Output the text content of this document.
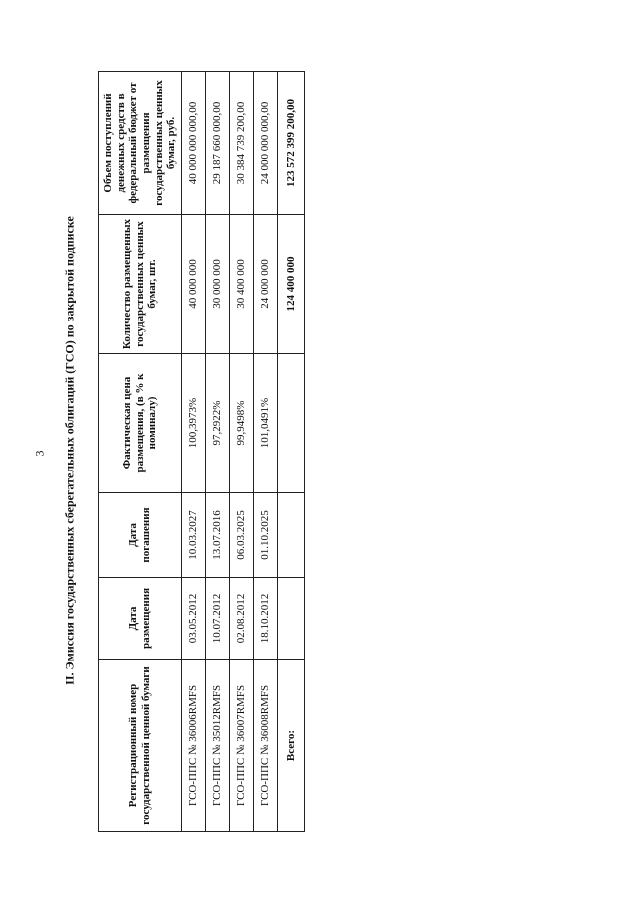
3 II. Эмиссия государственных сберегательных облигаций (ГСО) по закрытой подписке
Регистрационный номер государственной ценной бумаги	Дата размещения	Дата погашения	Фактическая цена размещения, (в % к номиналу)	Количество размещенных государственных ценных бумаг, шт.	Объем поступлений денежных средств в федеральный бюджет от размещения государственных ценных бумаг, руб.
ГСО-ППС № 36006RMFS	03.05.2012	10.03.2027	100,3973%	40 000 000	40 000 000 000,00
ГСО-ППС № 35012RMFS	10.07.2012	13.07.2016	97,2922%	30 000 000	29 187 660 000,00
ГСО-ППС № 36007RMFS	02.08.2012	06.03.2025	99,9498%	30 400 000	30 384 739 200,00
ГСО-ППС № 36008RMFS	18.10.2012	01.10.2025	101,0491%	24 000 000	24 000 000 000,00
Всего:				124 400 000	123 572 399 200,00
